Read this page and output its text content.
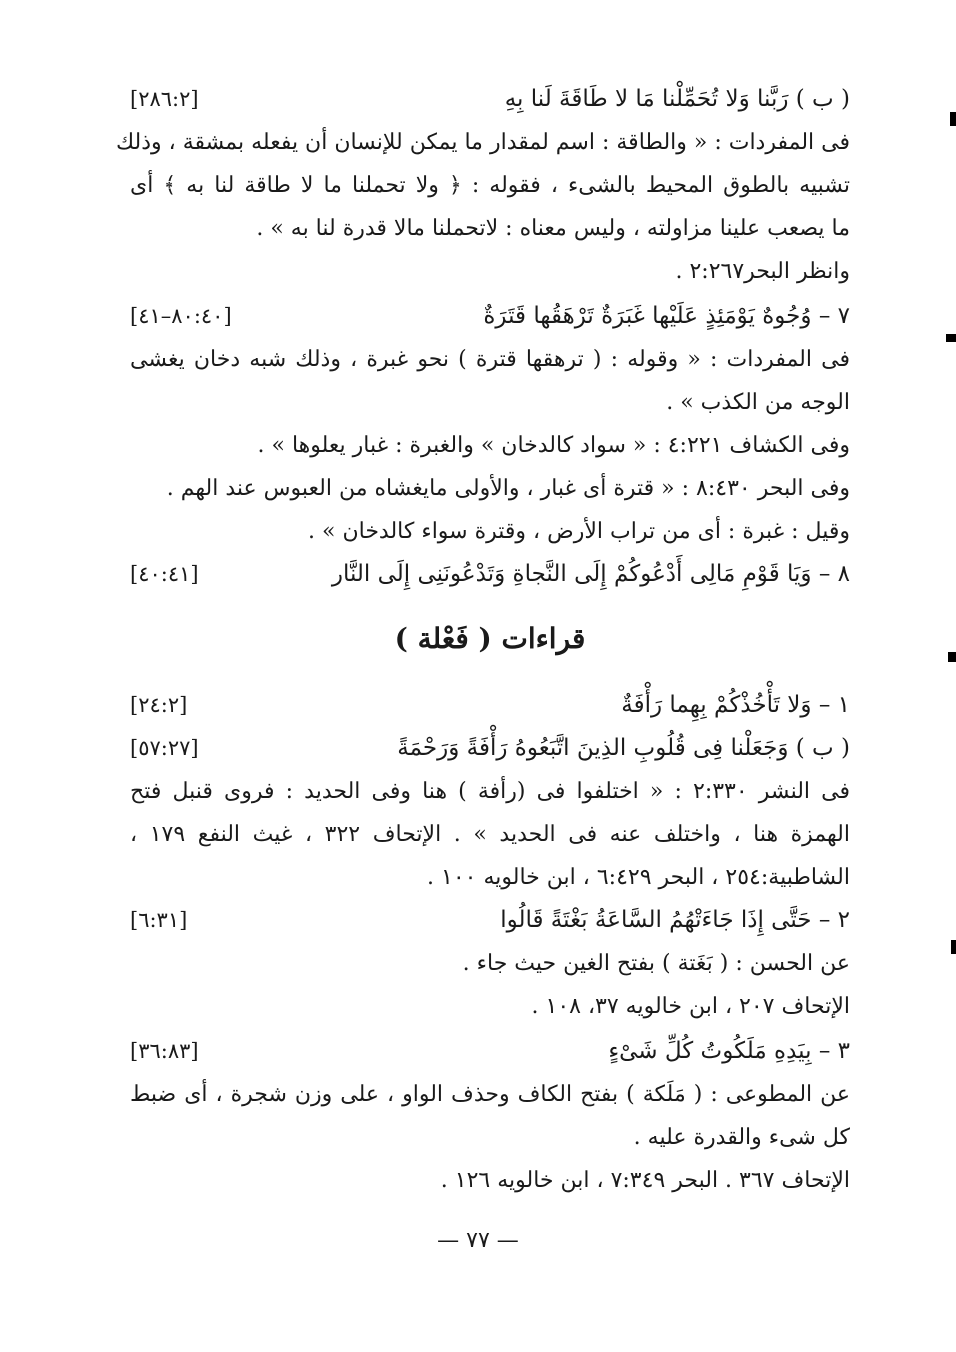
( ب ) رَبَّنا وَلا تُحَمِّلْنا مَا لا طَاقَةَ لَنا بِهِ
[٢٨٦:٢]
فى المفردات : « والطاقة : اسم لمقدار ما يمكن للإنسان أن يفعله بمشقة ، وذلك
تشبيه بالطوق المحيط بالشىء ، فقوله : ﴿ ولا تحملنا ما لا طاقة لنا به ﴾ أى
ما يصعب علينا مزاولته ، وليس معناه : لاتحملنا مالا قدرة لنا به » .
وانظر البحر٢:٢٦٧ .
٧ – وُجُوهٌ يَوْمَئِذٍ عَلَيْها غَبَرَةٌ تَرْهَقُها قَتَرَةٌ
[٨٠:٤٠–٤١]
فى المفردات : « وقوله : ( ترهقها قترة ) نحو غبرة ، وذلك شبه دخان يغشى
الوجه من الكذب » .
وفى الكشاف ٤:٢٢١ : « سواد كالدخان » والغبرة : غبار يعلوها » .
وفى البحر ٨:٤٣٠ : « قترة أى غبار ، والأولى مايغشاه من العبوس عند الهم .
وقيل : غبرة : أى من تراب الأرض ، وقترة سواء كالدخان » .
٨ – وَيَا قَوْمِ مَالِى أَدْعُوكُمْ إِلَى النَّجاةِ وَتَدْعُونَنِى إِلَى النَّار
[٤٠:٤١]
قراءات ( فَعْلة )
١ – وَلا تَأْخُذْكُمْ بِهِما رَأْفَةٌ
[٢٤:٢]
( ب ) وَجَعَلْنا فِى قُلُوبِ الذِينَ اتَّبَعُوهُ رَأْفَةً وَرَحْمَةً
[٥٧:٢٧]
فى النشر ٢:٣٣٠ : « اختلفوا فى (رأفة ) هنا وفى الحديد : فروى قنبل فتح
الهمزة هنا ، واختلف عنه فى الحديد » . الإتحاف ٣٢٢ ، غيث النفع ١٧٩ ،
الشاطبية:٢٥٤ ، البحر ٦:٤٢٩ ، ابن خالويه ١٠٠ .
٢ – حَتَّى إِذَا جَاءَتْهُمُ السَّاعَةُ بَغْتَةً قَالُوا
[٦:٣١]
عن الحسن : ( بَغَتة ) بفتح الغين حيث جاء .
الإتحاف ٢٠٧ ، ابن خالويه ٣٧، ١٠٨ .
٣ – بِيَدِهِ مَلَكُوتُ كُلِّ شَىْءٍ
[٣٦:٨٣]
عن المطوعى : ( مَلَكة ) بفتح الكاف وحذف الواو ، على وزن شجرة ، أى ضبط
كل شىء والقدرة عليه .
الإتحاف ٣٦٧ . البحر ٧:٣٤٩ ، ابن خالويه ١٢٦ .
— ٧٧ —
